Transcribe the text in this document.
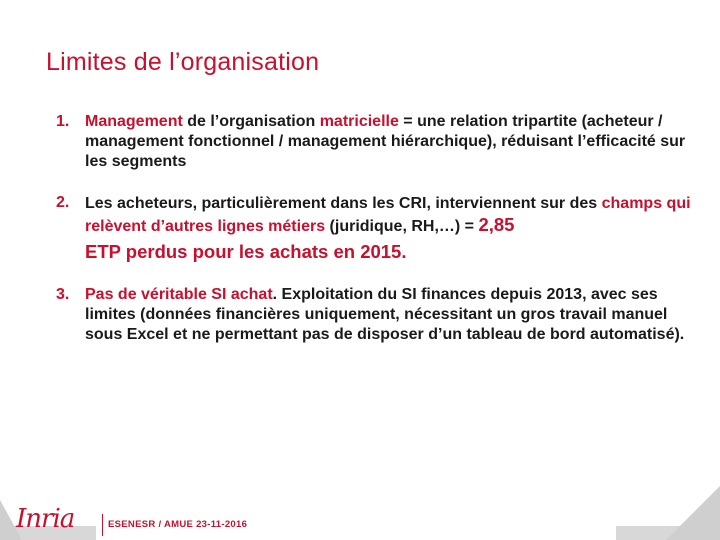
Limites de l’organisation
1. Management de l’organisation matricielle = une relation tripartite (acheteur / management fonctionnel / management hiérarchique), réduisant l’efficacité sur les segments
2. Les acheteurs, particulièrement dans les CRI, interviennent sur des champs qui relèvent d’autres lignes métiers (juridique, RH,…) = 2,85
ETP perdus pour les achats en 2015.
3. Pas de véritable SI achat. Exploitation du SI finances depuis 2013, avec ses limites (données financières uniquement, nécessitant un gros travail manuel sous Excel et ne permettant pas de disposer d’un tableau de bord automatisé).
Inria	ESENESR / AMUE 23-11-2016
